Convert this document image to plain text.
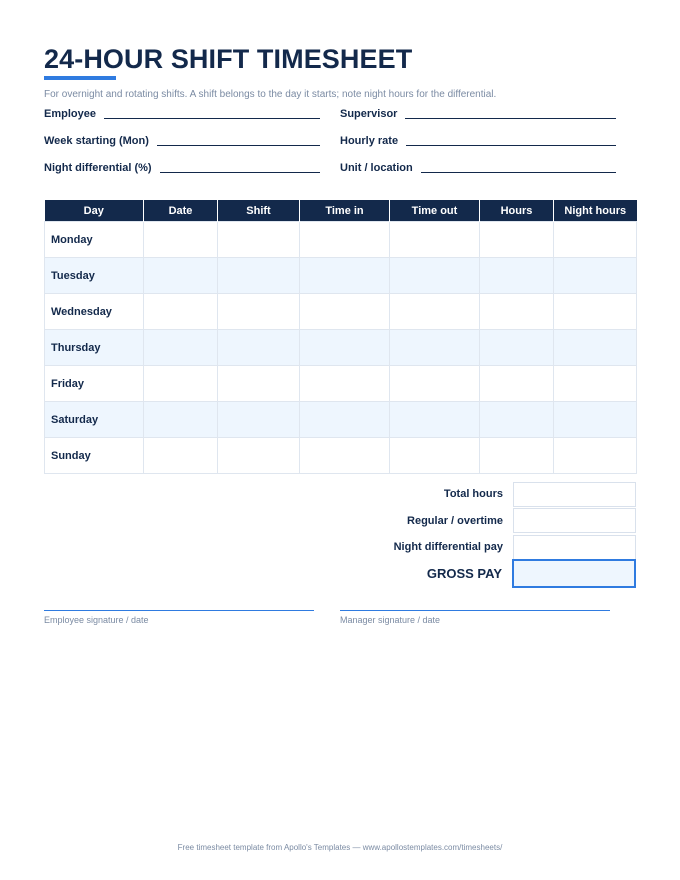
24-HOUR SHIFT TIMESHEET
For overnight and rotating shifts. A shift belongs to the day it starts; note night hours for the differential.
Employee	Supervisor
Week starting (Mon)	Hourly rate
Night differential (%)	Unit / location
Day	Date	Shift	Time in	Time out	Hours	Night hours
Monday						
Tuesday						
Wednesday						
Thursday						
Friday						
Saturday						
Sunday						
Total hours
Regular / overtime
Night differential pay
GROSS PAY
Employee signature / date	Manager signature / date
Free timesheet template from Apollo's Templates — www.apollostemplates.com/timesheets/
